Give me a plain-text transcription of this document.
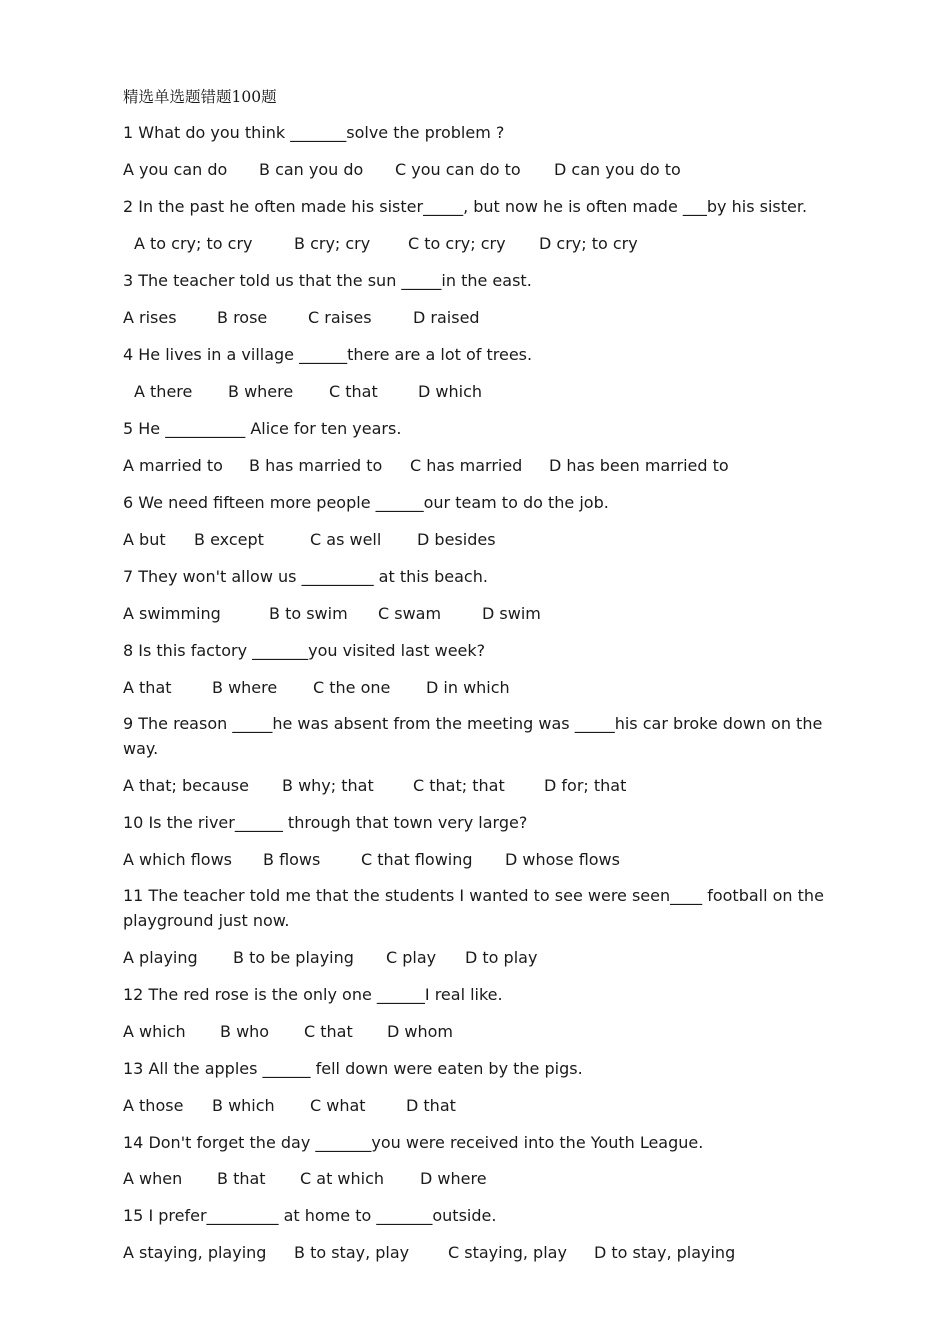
精选单选题错题100题
1 What do you think _______solve the problem ?
A you can do B can you do C you can do to D can you do to
2 In the past he often made his sister_____, but now he is often made ___by his sister.
A to cry; to cry	B cry; cry C to cry; cry D cry; to cry
3 The teacher told us that the sun _____in the east.
A rises	B rose	C raises	D raised
4 He lives in a village ______there are a lot of trees.
A there B where C that	D which
5 He __________ Alice for ten years.
A married to B has married to C has married D has been married to
6 We need fifteen more people ______our team to do the job.
A but B except	C as well D besides
7 They won't allow us _________ at this beach.
A swimming	B to swim C swam	D swim
8 Is this factory _______you visited last week?
A that	B where C the one D in which
9 The reason _____he was absent from the meeting was _____his car broke down on the way.
A that; because B why; that C that; that D for; that
10 Is the river______ through that town very large?
A which flows B flows	C that flowing D whose flows
11 The teacher told me that the students I wanted to see were seen____ football on the playground just now.
A playing B to be playing C play D to play
12 The red rose is the only one ______I real like.
A which B who C that D whom
13 All the apples ______ fell down were eaten by the pigs.
A those B which C what	D that
14 Don't forget the day _______you were received into the Youth League.
A when B that C at which D where
15 I prefer_________ at home to _______outside.
A staying, playing B to stay, play C staying, play D to stay, playing
